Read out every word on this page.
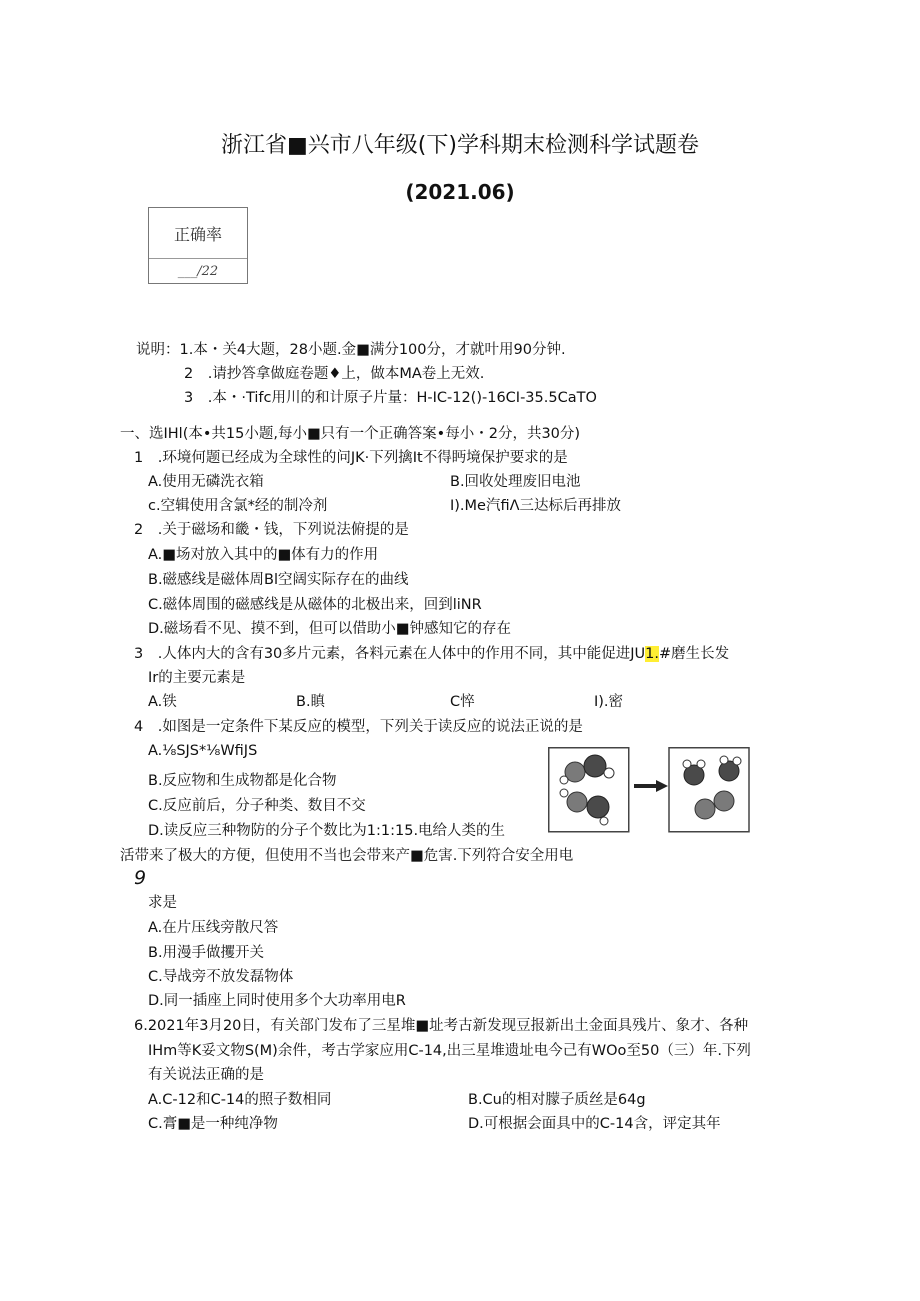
浙江省■兴市八年级(下)学科期末检测科学试题卷
(2021.06)
正确率
___/22
说明：1.本・关4大题，28小题.金■满分100分，才就叶用90分钟.
2　.请抄答拿做庭卷题♦上，做本MA卷上无效.
3　.本・·Tifc用川的和计原子片量：H-IC-12()-16CI-35.5CaTO
一、选IHl(本•共15小题,每小■只有一个正确答案•每小・2分，共30分)
1　.环境何题已经成为全球性的问JK·下列擒It不得眄境保护要求的是
A.使用无磷洗衣箱	B.回收处理废旧电池
c.空辑使用含氯*经的制冷剂	I).Me汽fiΛ三达标后再排放
2　.关于磁场和畿・钱，下列说法俯提的是
A.■场对放入其中的■体有力的作用
B.磁感线是磁体周Bl空阔实际存在的曲线
C.磁体周围的磁感线是从磁体的北极出来，回到liNR
D.磁场看不见、摸不到，但可以借助小■钟感知它的存在
3　.人体内大的含有30多片元素，各料元素在人体中的作用不同，其中能促进JU1.#磨生长发
Ir的主要元素是
A.铁	B.瞋	C悴	I).密
4　.如图是一定条件下某反应的模型，下列关于读反应的说法正说的是
A.⅛SJS*⅛WfiJS
B.反应物和生成物都是化合物
C.反应前后，分子种类、数目不交
D.读反应三种物防的分子个数比为1:1:15.电给人类的生
活带来了极大的方便，但使用不当也会带来产■危害.下列符合安全用电
9
求是
A.在片压线旁散尺答
B.用漫手做攫开关
C.导战旁不放发磊物体
D.同一插座上同时使用多个大功率用电R
6.2021年3月20日，有关部门发布了三星堆■址考古新发现豆报新出土金面具残片、象才、各种
IHm等K妥文物S(M)余件，考古学家应用C-14,出三星堆遗址电今己有WOo至50（三）年.下列
有关说法正确的是
A.C-12和C-14的照子数相同	B.Cu的相对朦子质丝是64g
C.膏■是一种纯净物	D.可根据会面具中的C-14含，评定其年
